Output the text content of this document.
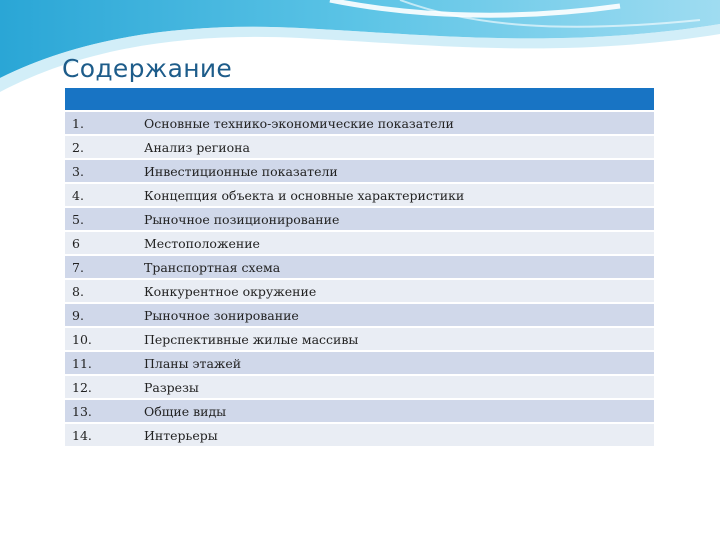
Содержание
1.	Основные технико-экономические показатели
2.	Анализ региона
3.	Инвестиционные показатели
4.	Концепция объекта и основные характеристики
5.	Рыночное позиционирование
6	Местоположение
7.	Транспортная схема
8.	Конкурентное окружение
9.	Рыночное зонирование
10.	Перспективные жилые массивы
11.	Планы этажей
12.	Разрезы
13.	Общие виды
14.	Интерьеры
